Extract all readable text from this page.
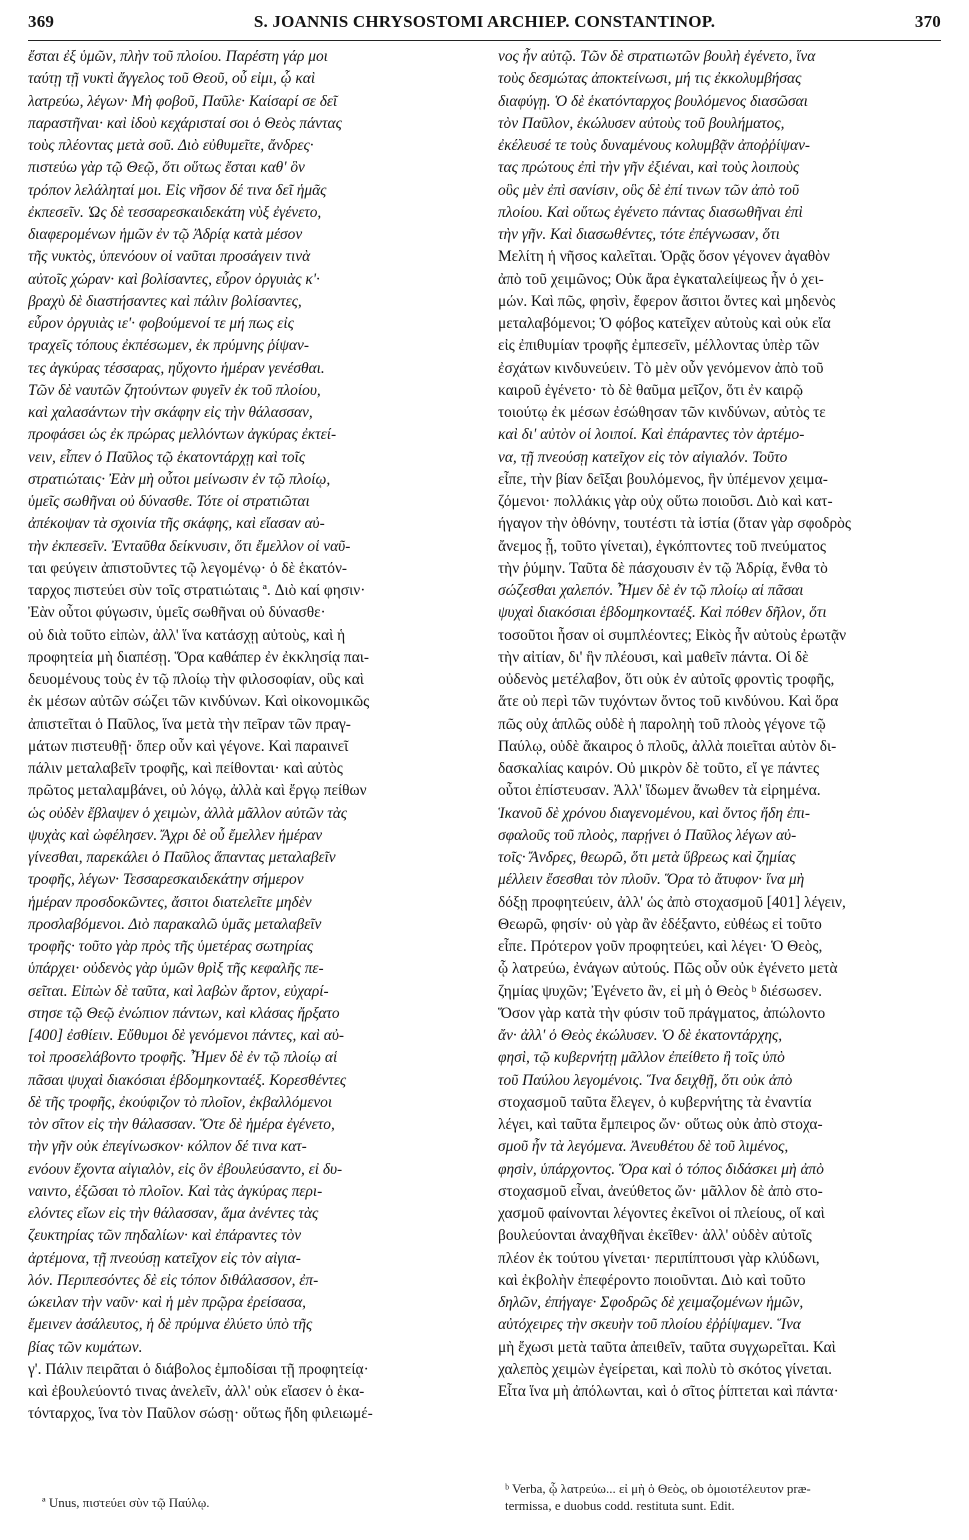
369	S. JOANNIS CHRYSOSTOMI ARCHIEP. CONSTANTINOP.	370
ἔσται ἐξ ὑμῶν, πλὴν τοῦ πλοίου. Παρέστη γάρ μοι
ταύτῃ τῇ νυκτὶ ἄγγελος τοῦ Θεοῦ, οὗ εἰμι, ᾧ καὶ
λατρεύω, λέγων· Μὴ φοβοῦ, Παῦλε· Καίσαρί σε δεῖ
παραστῆναι· καὶ ἰδοὺ κεχάρισταί σοι ὁ Θεὸς πάντας
τοὺς πλέοντας μετὰ σοῦ. Διὸ εὐθυμεῖτε, ἄνδρες·
πιστεύω γὰρ τῷ Θεῷ, ὅτι οὕτως ἔσται καθ' ὃν
τρόπον λελάληταί μοι. Εἰς νῆσον δέ τινα δεῖ ἡμᾶς
ἐκπεσεῖν. Ὡς δὲ τεσσαρεσκαιδεκάτη νὺξ ἐγένετο,
διαφερομένων ἡμῶν ἐν τῷ Ἀδρίᾳ κατὰ μέσον
τῆς νυκτὸς, ὑπενόουν οἱ ναῦται προσάγειν τινὰ
αὐτοῖς χώραν· καὶ βολίσαντες, εὗρον ὀργυιὰς κ'·
βραχὺ δὲ διαστήσαντες καὶ πάλιν βολίσαντες,
εὗρον ὀργυιὰς ιε'· φοβούμενοί τε μή πως εἰς
τραχεῖς τόπους ἐκπέσωμεν, ἐκ πρύμνης ῥίψαν-
τες ἀγκύρας τέσσαρας, ηὔχοντο ἡμέραν γενέσθαι.
Τῶν δὲ ναυτῶν ζητούντων φυγεῖν ἐκ τοῦ πλοίου,
καὶ χαλασάντων τὴν σκάφην εἰς τὴν θάλασσαν,
προφάσει ὡς ἐκ πρώρας μελλόντων ἀγκύρας ἐκτεί-
νειν, εἶπεν ὁ Παῦλος τῷ ἑκατοντάρχῃ καὶ τοῖς
στρατιώταις· Ἐὰν μὴ οὗτοι μείνωσιν ἐν τῷ πλοίῳ,
ὑμεῖς σωθῆναι οὐ δύνασθε. Τότε οἱ στρατιῶται
ἀπέκοψαν τὰ σχοινία τῆς σκάφης, καὶ εἴασαν αὐ-
τὴν ἐκπεσεῖν. Ἐνταῦθα δείκνυσιν, ὅτι ἔμελλον οἱ ναῦ-
ται φεύγειν ἀπιστοῦντες τῷ λεγομένῳ· ὁ δὲ ἑκατόν-
ταρχος πιστεύει σὺν τοῖς στρατιώταις ª. Διὸ καί φησιν·
Ἐὰν οὗτοι φύγωσιν, ὑμεῖς σωθῆναι οὐ δύνασθε·
οὐ διὰ τοῦτο εἰπὼν, ἀλλ' ἵνα κατάσχῃ αὐτοὺς, καὶ ἡ
προφητεία μὴ διαπέσῃ. Ὅρα καθάπερ ἐν ἐκκλησίᾳ παι-
δευομένους τοὺς ἐν τῷ πλοίῳ τὴν φιλοσοφίαν, οὓς καὶ
ἐκ μέσων αὐτῶν σώζει τῶν κινδύνων. Καὶ οἰκονομικῶς
ἀπιστεῖται ὁ Παῦλος, ἵνα μετὰ τὴν πεῖραν τῶν πραγ-
μάτων πιστευθῇ· ὅπερ οὖν καὶ γέγονε. Καὶ παραινεῖ
πάλιν μεταλαβεῖν τροφῆς, καὶ πείθονται· καὶ αὐτὸς
πρῶτος μεταλαμβάνει, οὐ λόγῳ, ἀλλὰ καὶ ἔργῳ πείθων
ὡς οὐδὲν ἔβλαψεν ὁ χειμὼν, ἀλλὰ μᾶλλον αὐτῶν τὰς
ψυχὰς καὶ ὠφέλησεν. Ἄχρι δὲ οὗ ἔμελλεν ἡμέραν
γίνεσθαι, παρεκάλει ὁ Παῦλος ἅπαντας μεταλαβεῖν
τροφῆς, λέγων· Τεσσαρεσκαιδεκάτην σήμερον
ἡμέραν προσδοκῶντες, ἄσιτοι διατελεῖτε μηδὲν
προσλαβόμενοι. Διὸ παρακαλῶ ὑμᾶς μεταλαβεῖν
τροφῆς· τοῦτο γὰρ πρὸς τῆς ὑμετέρας σωτηρίας
ὑπάρχει· οὐδενὸς γὰρ ὑμῶν θρὶξ τῆς κεφαλῆς πε-
σεῖται. Εἰπὼν δὲ ταῦτα, καὶ λαβὼν ἄρτον, εὐχαρί-
στησε τῷ Θεῷ ἐνώπιον πάντων, καὶ κλάσας ἤρξατο
[400] ἐσθίειν. Εὔθυμοι δὲ γενόμενοι πάντες, καὶ αὐ-
τοὶ προσελάβοντο τροφῆς. Ἦμεν δὲ ἐν τῷ πλοίῳ αἱ
πᾶσαι ψυχαὶ διακόσιαι ἑβδομηκονταέξ. Κορεσθέντες
δὲ τῆς τροφῆς, ἐκούφιζον τὸ πλοῖον, ἐκβαλλόμενοι
τὸν σῖτον εἰς τὴν θάλασσαν. Ὅτε δὲ ἡμέρα ἐγένετο,
τὴν γῆν οὐκ ἐπεγίνωσκον· κόλπον δέ τινα κατ-
ενόουν ἔχοντα αἰγιαλὸν, εἰς ὃν ἐβουλεύσαντο, εἰ δυ-
ναιντο, ἐξῶσαι τὸ πλοῖον. Καὶ τὰς ἀγκύρας περι-
ελόντες εἴων εἰς τὴν θάλασσαν, ἅμα ἀνέντες τὰς
ζευκτηρίας τῶν πηδαλίων· καὶ ἐπάραντες τὸν
ἀρτέμονα, τῇ πνεούσῃ κατεῖχον εἰς τὸν αἰγια-
λόν. Περιπεσόντες δὲ εἰς τόπον διθάλασσον, ἐπ-
ώκειλαν τὴν ναῦν· καὶ ἡ μὲν πρῷρα ἐρείσασα,
ἔμεινεν ἀσάλευτος, ἡ δὲ πρύμνα ἐλύετο ὑπὸ τῆς
βίας τῶν κυμάτων.
γ'. Πάλιν πειρᾶται ὁ διάβολος ἐμποδίσαι τῇ προφητείᾳ·
καὶ ἐβουλεύοντό τινας ἀνελεῖν, ἀλλ' οὐκ εἴασεν ὁ ἑκα-
τόνταρχος, ἵνα τὸν Παῦλον σώσῃ· οὕτως ἤδη φιλειωμέ-
νος ἦν αὐτῷ. Τῶν δὲ στρατιωτῶν βουλὴ ἐγένετο, ἵνα
τοὺς δεσμώτας ἀποκτείνωσι, μή τις ἐκκολυμβήσας
διαφύγῃ. Ὁ δὲ ἑκατόνταρχος βουλόμενος διασῶσαι
τὸν Παῦλον, ἐκώλυσεν αὐτοὺς τοῦ βουλήματος,
ἐκέλευσέ τε τοὺς δυναμένους κολυμβᾷν ἀποῤῥίψαν-
τας πρώτους ἐπὶ τὴν γῆν ἐξιέναι, καὶ τοὺς λοιποὺς
οὓς μὲν ἐπὶ σανίσιν, οὓς δὲ ἐπί τινων τῶν ἀπὸ τοῦ
πλοίου. Καὶ οὕτως ἐγένετο πάντας διασωθῆναι ἐπὶ
τὴν γῆν. Καὶ διασωθέντες, τότε ἐπέγνωσαν, ὅτι
Μελίτη ἡ νῆσος καλεῖται. Ὁρᾷς ὅσον γέγονεν ἀγαθὸν
ἀπὸ τοῦ χειμῶνος; Οὐκ ἄρα ἐγκαταλείψεως ἦν ὁ χει-
μών. Καὶ πῶς, φησὶν, ἔφερον ἄσιτοι ὄντες καὶ μηδενὸς
μεταλαβόμενοι; Ὁ φόβος κατεῖχεν αὐτοὺς καὶ οὐκ εἴα
εἰς ἐπιθυμίαν τροφῆς ἐμπεσεῖν, μέλλοντας ὑπὲρ τῶν
ἐσχάτων κινδυνεύειν. Τὸ μὲν οὖν γενόμενον ἀπὸ τοῦ
καιροῦ ἐγένετο· τὸ δὲ θαῦμα μεῖζον, ὅτι ἐν καιρῷ
τοιούτῳ ἐκ μέσων ἐσώθησαν τῶν κινδύνων, αὐτὸς τε
καὶ δι' αὐτὸν οἱ λοιποί. Καὶ ἐπάραντες τὸν ἀρτέμο-
να, τῇ πνεούσῃ κατεῖχον εἰς τὸν αἰγιαλόν. Τοῦτο
εἶπε, τὴν βίαν δεῖξαι βουλόμενος, ἣν ὑπέμενον χειμα-
ζόμενοι· πολλάκις γὰρ οὐχ οὕτω ποιοῦσι. Διὸ καὶ κατ-
ήγαγον τὴν ὀθόνην, τουτέστι τὰ ἱστία (ὅταν γὰρ σφοδρὸς
ἄνεμος ᾖ, τοῦτο γίνεται), ἐγκόπτοντες τοῦ πνεύματος
τὴν ῥύμην. Ταῦτα δὲ πάσχουσιν ἐν τῷ Ἀδρίᾳ, ἔνθα τὸ
σώζεσθαι χαλεπόν. Ἦμεν δὲ ἐν τῷ πλοίῳ αἱ πᾶσαι
ψυχαὶ διακόσιαι ἑβδομηκονταέξ. Καὶ πόθεν δῆλον, ὅτι
τοσοῦτοι ἦσαν οἱ συμπλέοντες; Εἰκὸς ἦν αὐτοὺς ἐρωτᾷν
τὴν αἰτίαν, δι' ἣν πλέουσι, καὶ μαθεῖν πάντα. Οἱ δὲ
οὐδενὸς μετέλαβον, ὅτι οὐκ ἐν αὐτοῖς φροντὶς τροφῆς,
ἅτε οὐ περὶ τῶν τυχόντων ὄντος τοῦ κινδύνου. Καὶ ὅρα
πῶς οὐχ ἁπλῶς οὐδὲ ἡ παροληὴ τοῦ πλοὸς γέγονε τῷ
Παύλῳ, οὐδὲ ἄκαιρος ὁ πλοῦς, ἀλλὰ ποιεῖται αὐτὸν δι-
δασκαλίας καιρόν. Οὐ μικρὸν δὲ τοῦτο, εἴ γε πάντες
οὗτοι ἐπίστευσαν. Ἀλλ' ἴδωμεν ἄνωθεν τὰ εἰρημένα.
Ἱκανοῦ δὲ χρόνου διαγενομένου, καὶ ὄντος ἤδη ἐπι-
σφαλοῦς τοῦ πλοὸς, παρῄνει ὁ Παῦλος λέγων αὐ-
τοῖς· Ἄνδρες, θεωρῶ, ὅτι μετὰ ὕβρεως καὶ ζημίας
μέλλειν ἔσεσθαι τὸν πλοῦν. Ὅρα τὸ ἄτυφον· ἵνα μὴ
δόξῃ προφητεύειν, ἀλλ' ὡς ἀπὸ στοχασμοῦ [401] λέγειν,
Θεωρῶ, φησίν· οὐ γὰρ ἂν ἐδέξαντο, εὐθέως εἰ τοῦτο
εἶπε. Πρότερον γοῦν προφητεύει, καὶ λέγει· Ὁ Θεὸς,
ᾧ λατρεύω, ἐνάγων αὐτούς. Πῶς οὖν οὐκ ἐγένετο μετὰ
ζημίας ψυχῶν; Ἐγένετο ἂν, εἰ μὴ ὁ Θεὸς ᵇ διέσωσεν.
Ὅσον γὰρ κατὰ τὴν φύσιν τοῦ πράγματος, ἀπώλοντο
ἄν· ἀλλ' ὁ Θεὸς ἐκώλυσεν. Ὁ δὲ ἑκατοντάρχης,
φησὶ, τῷ κυβερνήτῃ μᾶλλον ἐπείθετο ἢ τοῖς ὑπὸ
τοῦ Παύλου λεγομένοις. Ἵνα δειχθῇ, ὅτι οὐκ ἀπὸ
στοχασμοῦ ταῦτα ἔλεγεν, ὁ κυβερνήτης τὰ ἐναντία
λέγει, καὶ ταῦτα ἔμπειρος ὤν· οὕτως οὐκ ἀπὸ στοχα-
σμοῦ ἦν τὰ λεγόμενα. Ἀνευθέτου δὲ τοῦ λιμένος,
φησὶν, ὑπάρχοντος. Ὅρα καὶ ὁ τόπος διδάσκει μὴ ἀπὸ
στοχασμοῦ εἶναι, ἀνεύθετος ὤν· μᾶλλον δὲ ἀπὸ στο-
χασμοῦ φαίνονται λέγοντες ἐκεῖνοι οἱ πλείους, οἵ καὶ
βουλεύονται ἀναχθῆναι ἐκεῖθεν· ἀλλ' οὐδὲν αὐτοῖς
πλέον ἐκ τούτου γίνεται· περιπίπτουσι γὰρ κλύδωνι,
καὶ ἐκβολὴν ἐπεφέροντο ποιοῦνται. Διὸ καὶ τοῦτο
δηλῶν, ἐπήγαγε· Σφοδρῶς δὲ χειμαζομένων ἡμῶν,
αὐτόχειρες τὴν σκευὴν τοῦ πλοίου ἐῤῥίψαμεν. Ἵνα
μὴ ἔχωσι μετὰ ταῦτα ἀπειθεῖν, ταῦτα συγχωρεῖται. Καὶ
χαλεπὸς χειμὼν ἐγείρεται, καὶ πολὺ τὸ σκότος γίνεται.
Εἶτα ἵνα μὴ ἀπόλωνται, καὶ ὁ σῖτος ῥίπτεται καὶ πάντα·
ª Unus, πιστεύει σὺν τῷ Παύλῳ.
ᵇ Verba, ᾧ λατρεύω... εἰ μὴ ὁ Θεὸς, ob ὁμοιοτέλευτον præ-
termissa, e duobus codd. restituta sunt. Edit.
